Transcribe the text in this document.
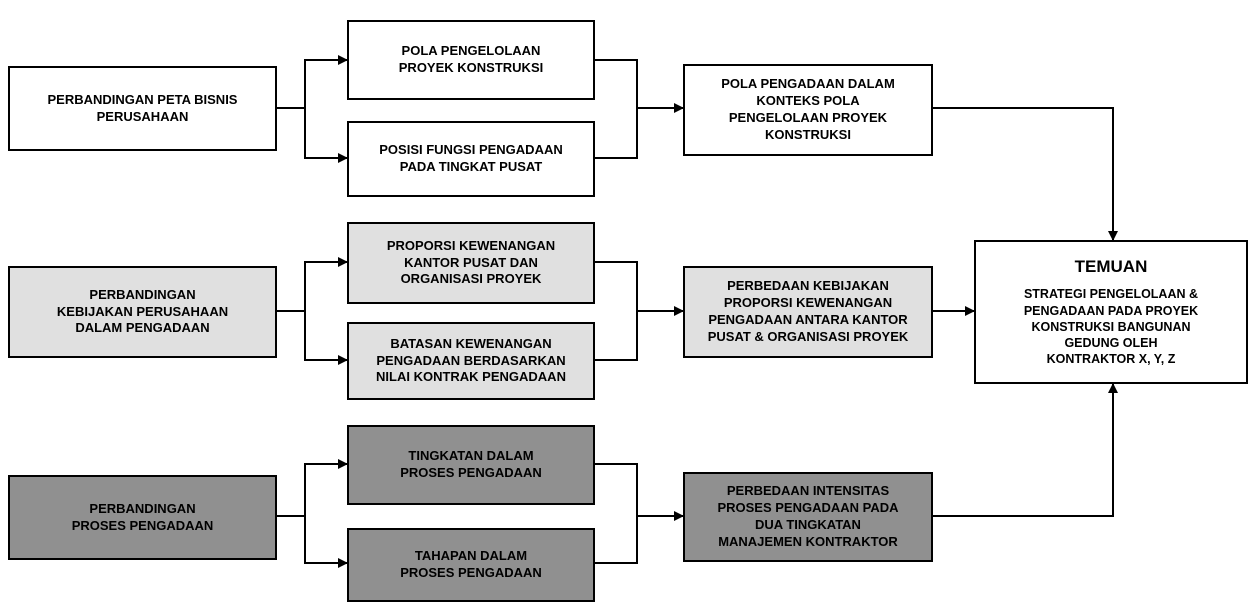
PERBANDINGAN PETA BISNIS
PERUSAHAAN
POLA PENGELOLAAN
PROYEK KONSTRUKSI
POSISI FUNGSI PENGADAAN
PADA TINGKAT PUSAT
POLA PENGADAAN DALAM
KONTEKS POLA
PENGELOLAAN PROYEK
KONSTRUKSI
PERBANDINGAN
KEBIJAKAN PERUSAHAAN
DALAM PENGADAAN
PROPORSI KEWENANGAN
KANTOR PUSAT DAN
ORGANISASI PROYEK
BATASAN KEWENANGAN
PENGADAAN BERDASARKAN
NILAI KONTRAK PENGADAAN
PERBEDAAN KEBIJAKAN
PROPORSI KEWENANGAN
PENGADAAN ANTARA KANTOR
PUSAT & ORGANISASI PROYEK
PERBANDINGAN
PROSES PENGADAAN
TINGKATAN DALAM
PROSES PENGADAAN
TAHAPAN DALAM
PROSES PENGADAAN
PERBEDAAN INTENSITAS
PROSES PENGADAAN PADA
DUA TINGKATAN
MANAJEMEN KONTRAKTOR
TEMUAN
STRATEGI PENGELOLAAN &
PENGADAAN PADA PROYEK
KONSTRUKSI BANGUNAN
GEDUNG OLEH
KONTRAKTOR X, Y, Z
